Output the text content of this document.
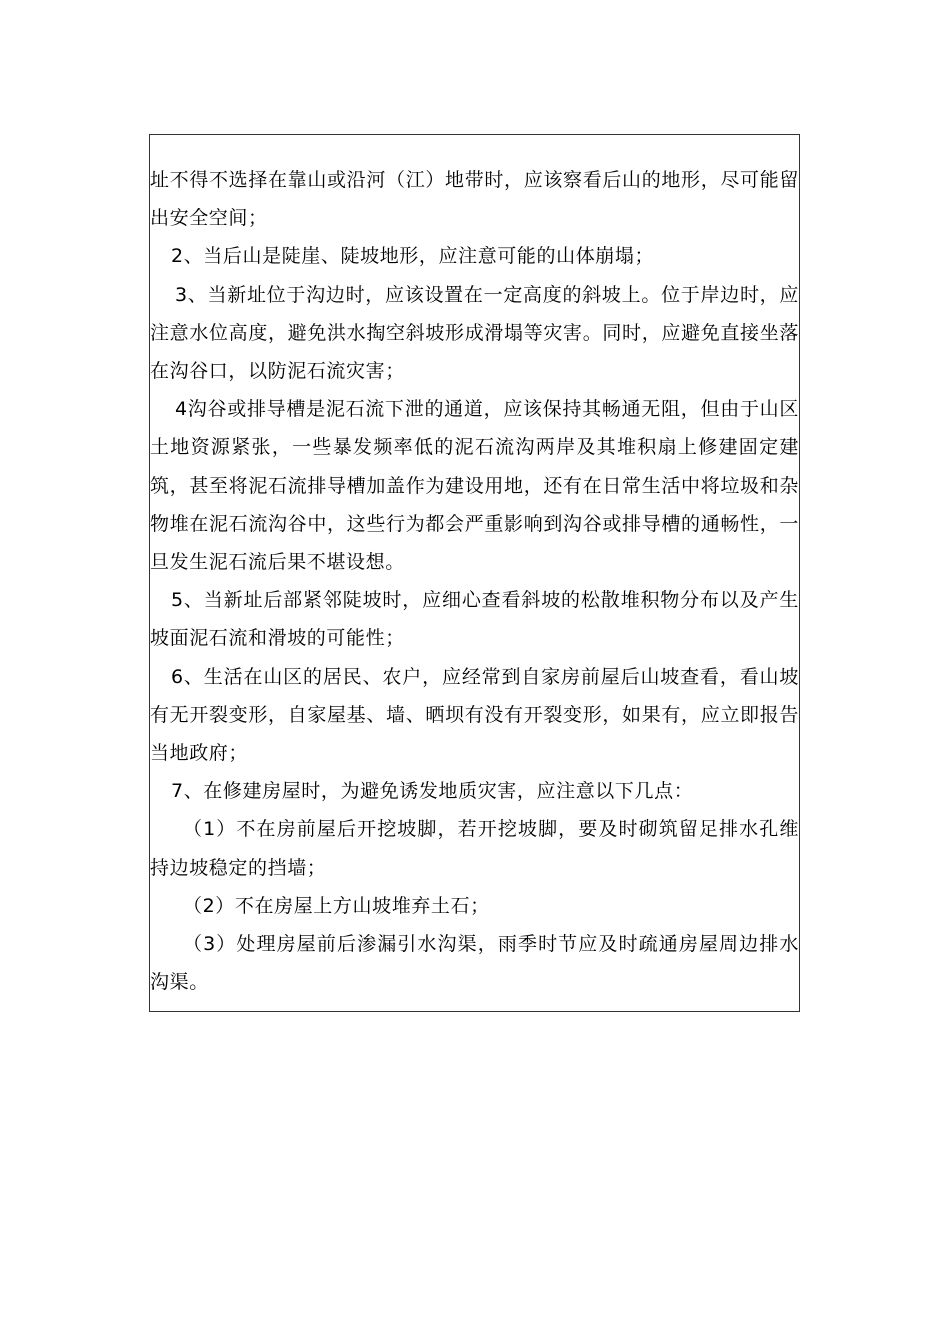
址不得不选择在靠山或沿河（江）地带时，应该察看后山的地形，尽可能留出安全空间；

2、当后山是陡崖、陡坡地形，应注意可能的山体崩塌；

3、当新址位于沟边时，应该设置在一定高度的斜坡上。位于岸边时，应注意水位高度，避免洪水掏空斜坡形成滑塌等灾害。同时，应避免直接坐落在沟谷口，以防泥石流灾害；

4沟谷或排导槽是泥石流下泄的通道，应该保持其畅通无阻，但由于山区土地资源紧张，一些暴发频率低的泥石流沟两岸及其堆积扇上修建固定建筑，甚至将泥石流排导槽加盖作为建设用地，还有在日常生活中将垃圾和杂物堆在泥石流沟谷中，这些行为都会严重影响到沟谷或排导槽的通畅性，一旦发生泥石流后果不堪设想。

5、当新址后部紧邻陡坡时，应细心查看斜坡的松散堆积物分布以及产生坡面泥石流和滑坡的可能性；

6、生活在山区的居民、农户，应经常到自家房前屋后山坡查看，看山坡有无开裂变形，自家屋基、墙、晒坝有没有开裂变形，如果有，应立即报告当地政府；

7、在修建房屋时，为避免诱发地质灾害，应注意以下几点：

（1）不在房前屋后开挖坡脚，若开挖坡脚，要及时砌筑留足排水孔维持边坡稳定的挡墙；

（2）不在房屋上方山坡堆弃土石；

（3）处理房屋前后渗漏引水沟渠，雨季时节应及时疏通房屋周边排水沟渠。
